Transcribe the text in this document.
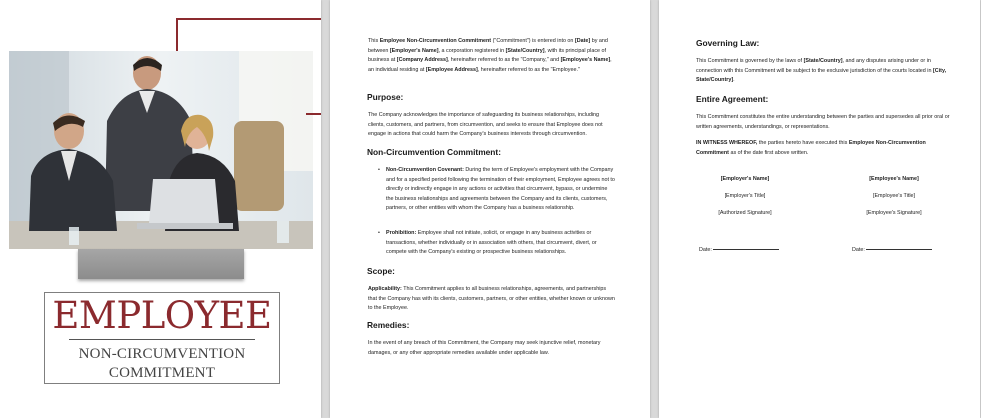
EMPLOYEE
NON-CIRCUMVENTION
COMMITMENT

This Employee Non-Circumvention Commitment ("Commitment") is entered into on [Date] by and between [Employer's Name], a corporation registered in [State/Country], with its principal place of business at [Company Address], hereinafter referred to as the "Company," and [Employee's Name], an individual residing at [Employee Address], hereinafter referred to as the "Employee."

Purpose:

The Company acknowledges the importance of safeguarding its business relationships, including clients, customers, and partners, from circumvention, and seeks to ensure that Employee does not engage in actions that could harm the Company's business interests through circumvention.

Non-Circumvention Commitment:
•	Non-Circumvention Covenant: During the term of Employee's employment with the Company and for a specified period following the termination of their employment, Employee agrees not to directly or indirectly engage in any actions or activities that circumvent, bypass, or undermine the business relationships and agreements between the Company and its clients, customers, partners, or other entities with whom the Company has a business relationship.

•	Prohibition: Employee shall not initiate, solicit, or engage in any business activities or transactions, whether individually or in association with others, that circumvent, divert, or compete with the Company's existing or prospective business relationships.

Scope:

Applicability: This Commitment applies to all business relationships, agreements, and partnerships that the Company has with its clients, customers, partners, or other entities, whether known or unknown to the Employee.

Remedies:

In the event of any breach of this Commitment, the Company may seek injunctive relief, monetary damages, or any other appropriate remedies available under applicable law.

Governing Law:

This Commitment is governed by the laws of [State/Country], and any disputes arising under or in connection with this Commitment will be subject to the exclusive jurisdiction of the courts located in [City, State/Country].

Entire Agreement:

This Commitment constitutes the entire understanding between the parties and supersedes all prior oral or written agreements, understandings, or representations.

IN WITNESS WHEREOF, the parties hereto have executed this Employee Non-Circumvention Commitment as of the date first above written.

[Employer's Name]
[Employer's Title]
[Authorized Signature]
Date:
[Employee's Name]
[Employee's Title]
[Employee's Signature]
Date:
